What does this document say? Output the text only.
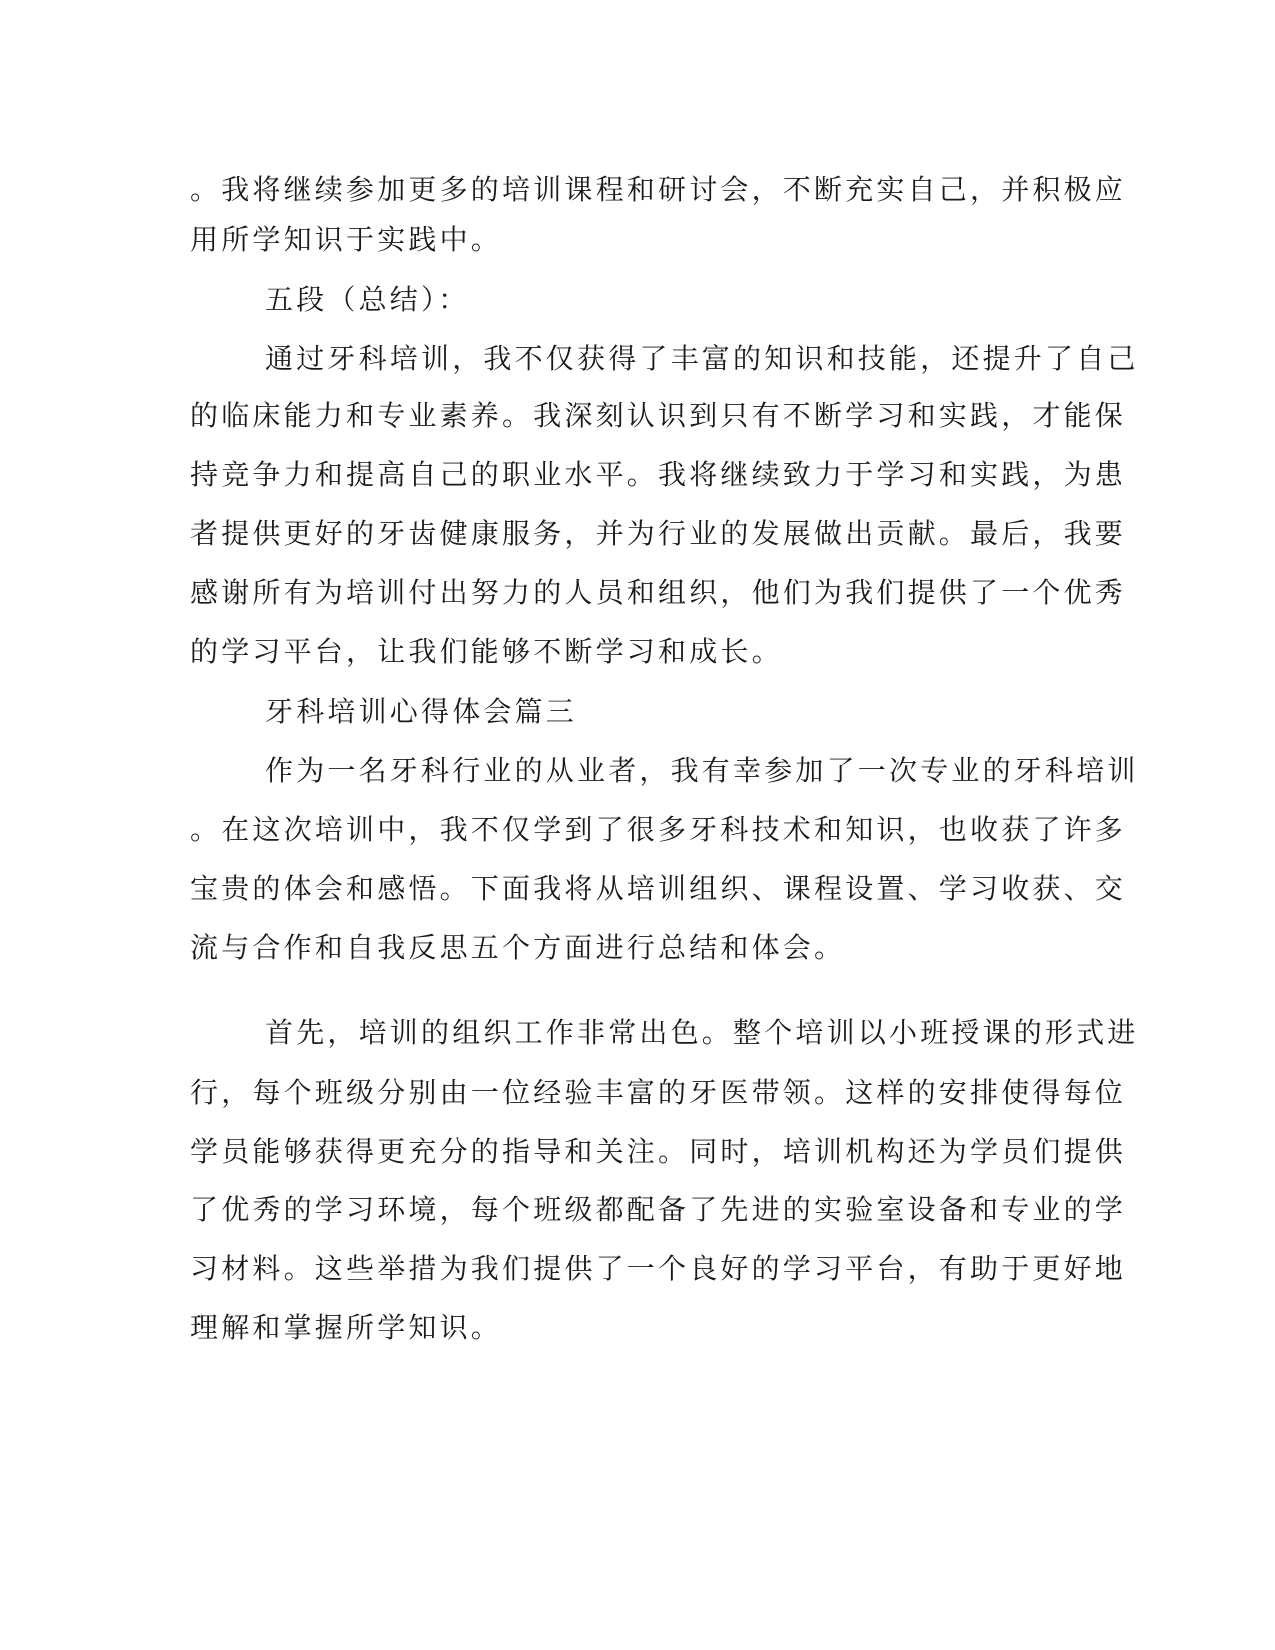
。我将继续参加更多的培训课程和研讨会，不断充实自己，并积极应
用所学知识于实践中。
五段（总结）：
通过牙科培训，我不仅获得了丰富的知识和技能，还提升了自己
的临床能力和专业素养。我深刻认识到只有不断学习和实践，才能保
持竞争力和提高自己的职业水平。我将继续致力于学习和实践，为患
者提供更好的牙齿健康服务，并为行业的发展做出贡献。最后，我要
感谢所有为培训付出努力的人员和组织，他们为我们提供了一个优秀
的学习平台，让我们能够不断学习和成长。
牙科培训心得体会篇三
作为一名牙科行业的从业者，我有幸参加了一次专业的牙科培训
。在这次培训中，我不仅学到了很多牙科技术和知识，也收获了许多
宝贵的体会和感悟。下面我将从培训组织、课程设置、学习收获、交
流与合作和自我反思五个方面进行总结和体会。
首先，培训的组织工作非常出色。整个培训以小班授课的形式进
行，每个班级分别由一位经验丰富的牙医带领。这样的安排使得每位
学员能够获得更充分的指导和关注。同时，培训机构还为学员们提供
了优秀的学习环境，每个班级都配备了先进的实验室设备和专业的学
习材料。这些举措为我们提供了一个良好的学习平台，有助于更好地
理解和掌握所学知识。
